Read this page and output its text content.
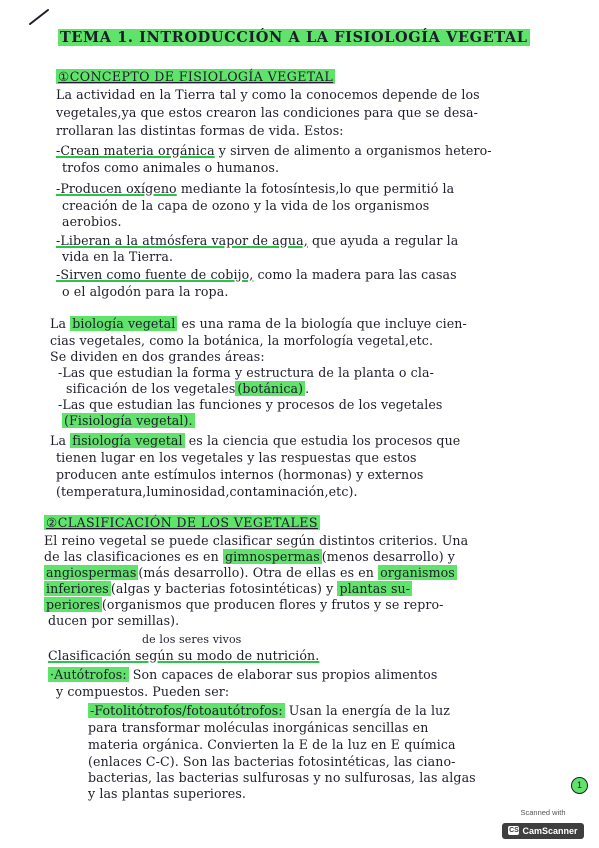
TEMA 1. INTRODUCCIÓN A LA FISIOLOGÍA VEGETAL
①CONCEPTO DE FISIOLOGÍA VEGETAL
La actividad en la Tierra tal y como la conocemos depende de los
vegetales,ya que estos crearon las condiciones para que se desa-
rrollaran las distintas formas de vida. Estos:
-Crean materia orgánica y sirven de alimento a organismos hetero-
trofos como animales o humanos.
-Producen oxígeno mediante la fotosíntesis,lo que permitió la
creación de la capa de ozono y la vida de los organismos
aerobios.
-Liberan a la atmósfera vapor de agua, que ayuda a regular la
vida en la Tierra.
-Sirven como fuente de cobijo, como la madera para las casas
o el algodón para la ropa.
La biología vegetal es una rama de la biología que incluye cien-
cias vegetales, como la botánica, la morfología vegetal,etc.
Se dividen en dos grandes áreas:
-Las que estudian la forma y estructura de la planta o cla-
sificación de los vegetales (botánica) .
-Las que estudian las funciones y procesos de los vegetales
(Fisiología vegetal).
La fisiología vegetal es la ciencia que estudia los procesos que
tienen lugar en los vegetales y las respuestas que estos
producen ante estímulos internos (hormonas) y externos
(temperatura,luminosidad,contaminación,etc).
②CLASIFICACIÓN DE LOS VEGETALES
El reino vegetal se puede clasificar según distintos criterios. Una
de las clasificaciones es en gimnospermas (menos desarrollo) y
angiospermas (más desarrollo). Otra de ellas es en organismos
inferiores (algas y bacterias fotosintéticas) y plantas su-
periores (organismos que producen flores y frutos y se repro-
ducen por semillas).
de los seres vivos
Clasificación según su modo de nutrición.
·Autótrofos: Son capaces de elaborar sus propios alimentos
y compuestos. Pueden ser:
-Fotolitótrofos/fotoautótrofos: Usan la energía de la luz
para transformar moléculas inorgánicas sencillas en
materia orgánica. Convierten la E de la luz en E química
(enlaces C-C). Son las bacterias fotosintéticas, las ciano-
bacterias, las bacterias sulfurosas y no sulfurosas, las algas
y las plantas superiores.
1
Scanned with
CS CamScanner
